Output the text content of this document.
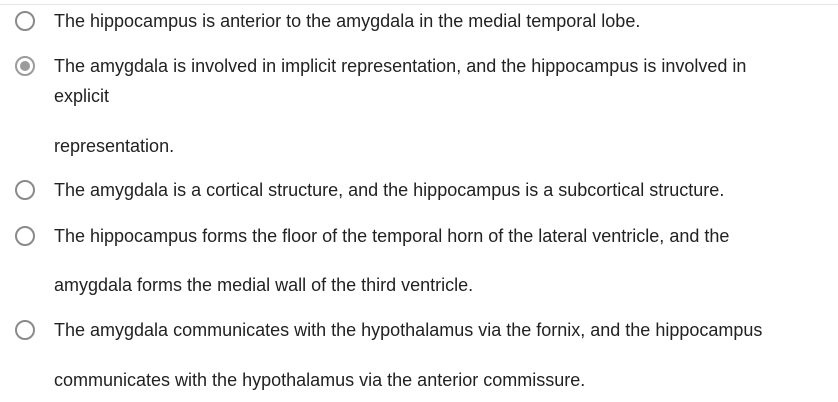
The hippocampus is anterior to the amygdala in the medial temporal lobe.
The amygdala is involved in implicit representation, and the hippocampus is involved in
explicit
representation.
The amygdala is a cortical structure, and the hippocampus is a subcortical structure.
The hippocampus forms the floor of the temporal horn of the lateral ventricle, and the
amygdala forms the medial wall of the third ventricle.
The amygdala communicates with the hypothalamus via the fornix, and the hippocampus
communicates with the hypothalamus via the anterior commissure.
